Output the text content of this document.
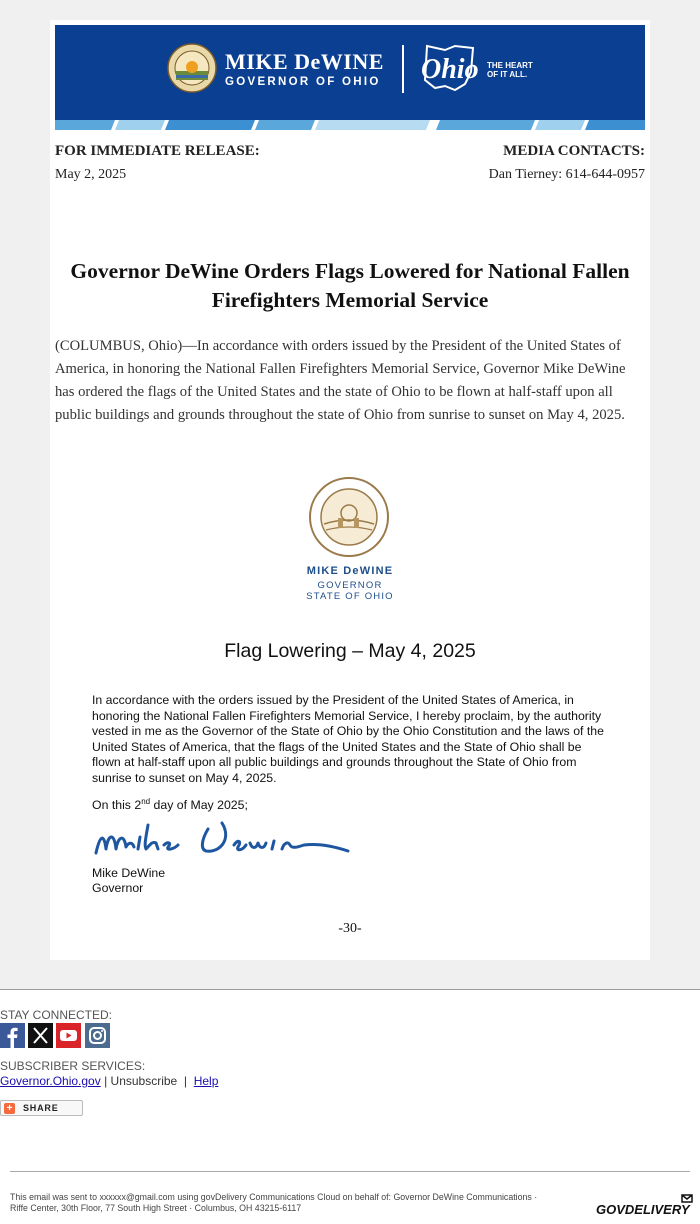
MIKE DeWINE
GOVERNOR OF OHIO Ohio THE HEART
OF IT ALL.
FOR IMMEDIATE RELEASE:	MEDIA CONTACTS:
May 2, 2025	Dan Tierney: 614-644-0957
Governor DeWine Orders Flags Lowered for National Fallen Firefighters Memorial Service
(COLUMBUS, Ohio)—In accordance with orders issued by the President of the United States of America, in honoring the National Fallen Firefighters Memorial Service, Governor Mike DeWine has ordered the flags of the United States and the state of Ohio to be flown at half-staff upon all public buildings and grounds throughout the state of Ohio from sunrise to sunset on May 4, 2025.
MIKE DeWINE
GOVERNOR
STATE OF OHIO
Flag Lowering – May 4, 2025
In accordance with the orders issued by the President of the United States of America, in honoring the National Fallen Firefighters Memorial Service, I hereby proclaim, by the authority vested in me as the Governor of the State of Ohio by the Ohio Constitution and the laws of the United States of America, that the flags of the United States and the State of Ohio shall be flown at half-staff upon all public buildings and grounds throughout the State of Ohio from sunrise to sunset on May 4, 2025.
On this 2nd day of May 2025;
Mike DeWine
Governor
-30-
STAY CONNECTED:
SUBSCRIBER SERVICES:
Governor.Ohio.gov | Unsubscribe  |  Help
+ SHARE
This email was sent to xxxxxx@gmail.com using govDelivery Communications Cloud on behalf of: Governor DeWine Communications · Riffe Center, 30th Floor, 77 South High Street · Columbus, OH 43215-6117	GOVDELIVERY
